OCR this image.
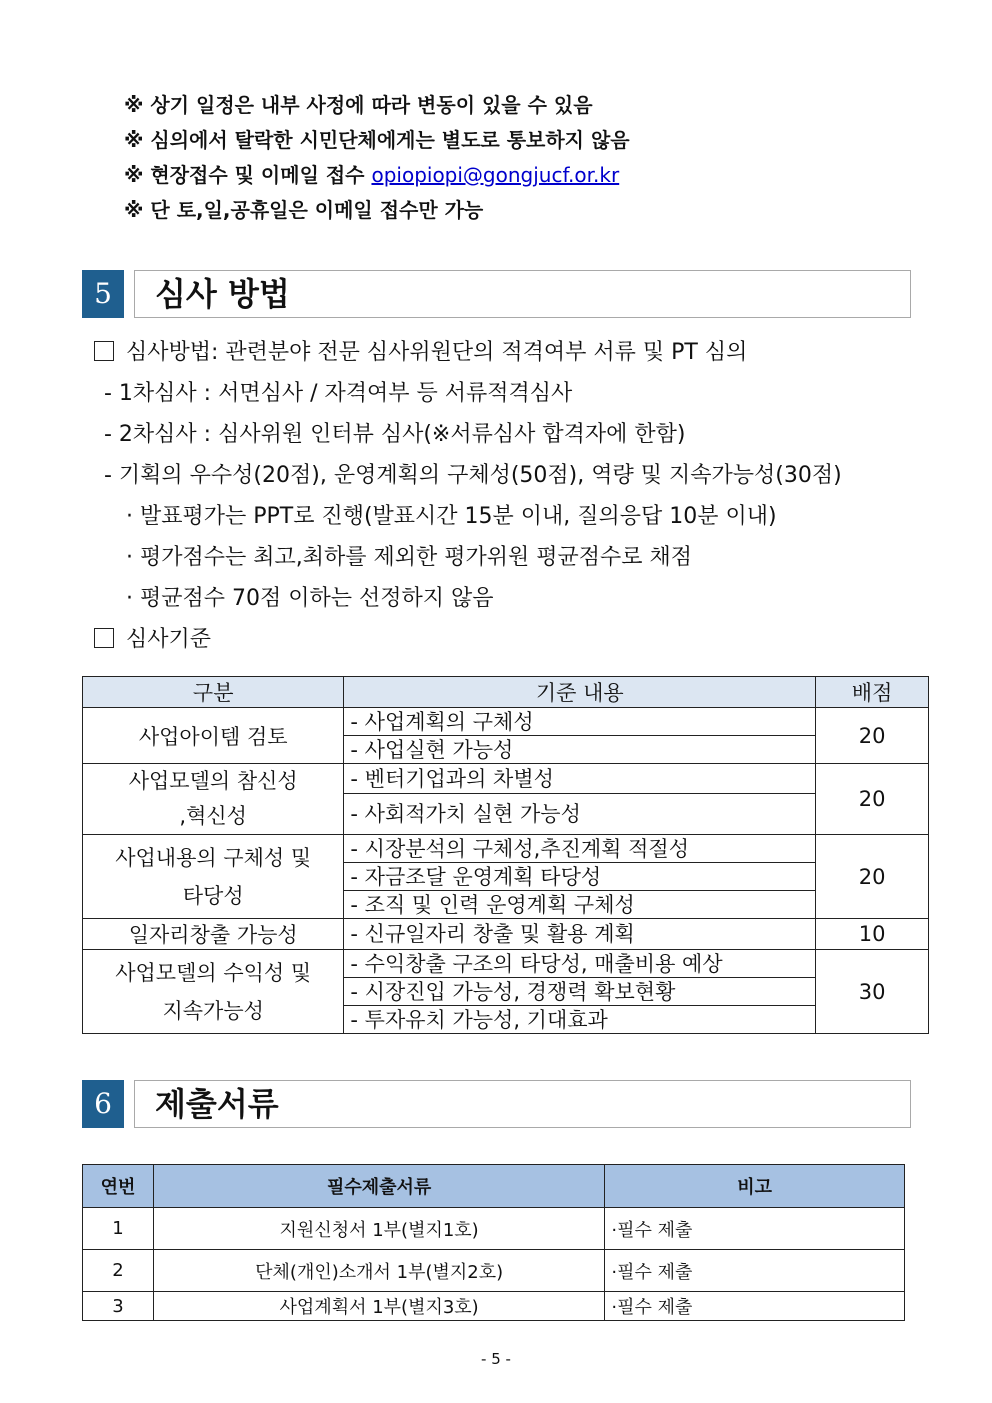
※ 상기 일정은 내부 사정에 따라 변동이 있을 수 있음
※ 심의에서 탈락한 시민단체에게는 별도로 통보하지 않음
※ 현장접수 및 이메일 접수 opiopiopi@gongjucf.or.kr
※ 단 토,일,공휴일은 이메일 접수만 가능
5	심사 방법
심사방법: 관련분야 전문 심사위원단의 적격여부 서류 및 PT 심의
- 1차심사 : 서면심사 / 자격여부 등 서류적격심사
- 2차심사 : 심사위원 인터뷰 심사(※서류심사 합격자에 한함)
- 기획의 우수성(20점), 운영계획의 구체성(50점), 역량 및 지속가능성(30점)
· 발표평가는 PPT로 진행(발표시간 15분 이내, 질의응답 10분 이내)
· 평가점수는 최고,최하를 제외한 평가위원 평균점수로 채점
· 평균점수 70점 이하는 선정하지 않음
심사기준
구분	기준 내용	배점
사업아이템 검토	- 사업계획의 구체성	20
	- 사업실현 가능성	

사업모델의 참신성
,혁신성	- 벤터기업과의 차별성	20
	- 사회적가치 실현 가능성	

사업내용의 구체성 및
타당성	- 시장분석의 구체성,추진계획 적절성	20
	- 자금조달 운영계획 타당성	
	- 조직 및 인력 운영계획 구체성	
일자리창출 가능성	- 신규일자리 창출 및 활용 계획	10

사업모델의 수익성 및
지속가능성	- 수익창출 구조의 타당성, 매출비용 예상	30
	- 시장진입 가능성, 경쟁력 확보현황	
	- 투자유치 가능성, 기대효과	
6	제출서류
연번	필수제출서류	비고
1	지원신청서 1부(별지1호)	·필수 제출
2	단체(개인)소개서 1부(별지2호)	·필수 제출
3	사업계획서 1부(별지3호)	·필수 제출
- 5 -
